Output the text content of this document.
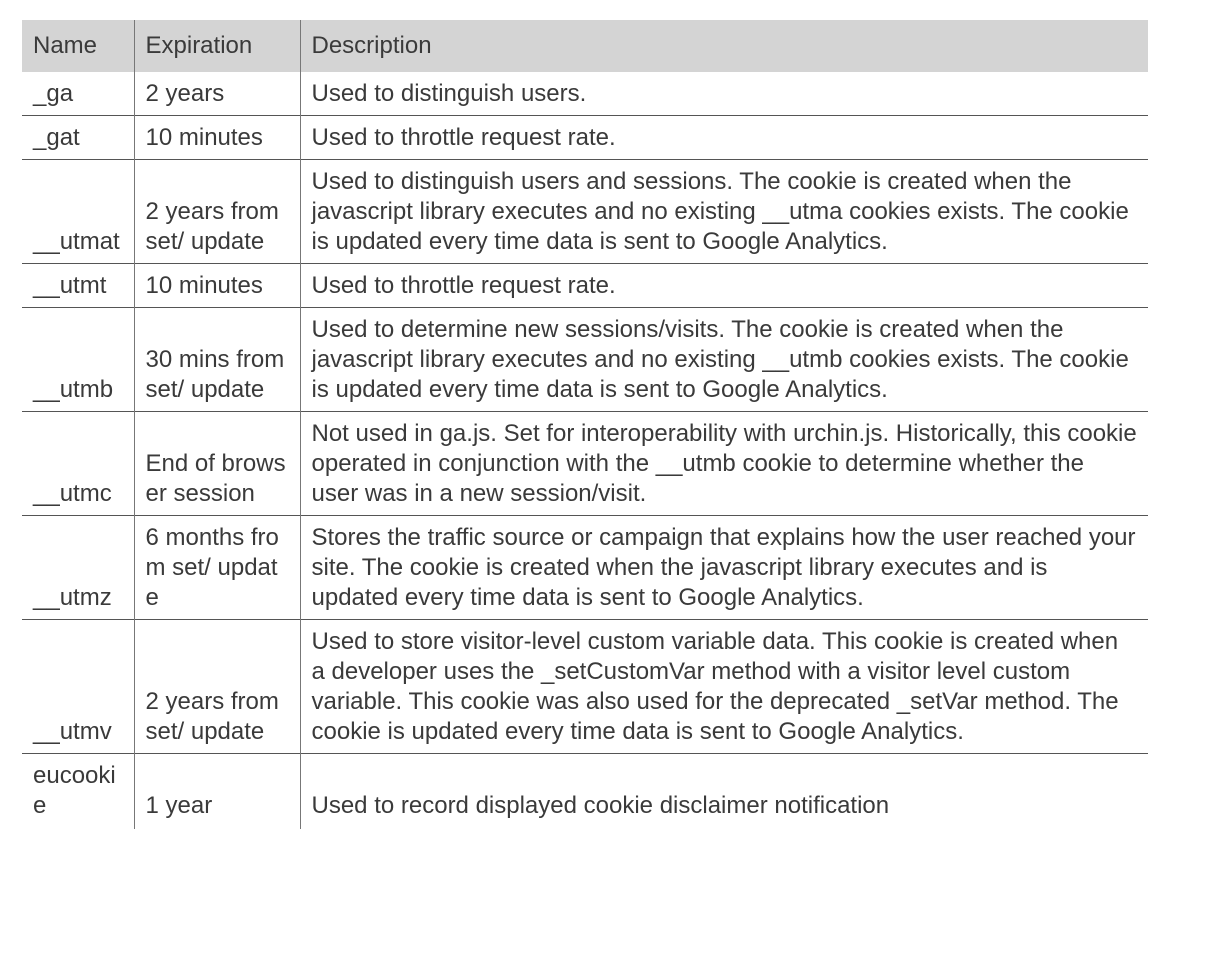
Name	Expiration	Description
_ga	2 years	Used to distinguish users.
_gat	10 minutes	Used to throttle request rate.
__utmat	2 years from set/ update	Used to distinguish users and sessions. The cookie is created when the javascript library executes and no existing __utma cookies exists. The cookie is updated every time data is sent to Google Analytics.
__utmt	10 minutes	Used to throttle request rate.
__utmb	30 mins from set/ update	Used to determine new sessions/visits. The cookie is created when the javascript library executes and no existing __utmb cookies exists. The cookie is updated every time data is sent to Google Analytics.
__utmc	End of browser session	Not used in ga.js. Set for interoperability with urchin.js. Historically, this cookie operated in conjunction with the __utmb cookie to determine whether the user was in a new session/visit.
__utmz	6 months from set/ update	Stores the traffic source or campaign that explains how the user reached your site. The cookie is created when the javascript library executes and is updated every time data is sent to Google Analytics.
__utmv	2 years from set/ update	Used to store visitor-level custom variable data. This cookie is created when a developer uses the _setCustomVar method with a visitor level custom variable. This cookie was also used for the deprecated _setVar method. The cookie is updated every time data is sent to Google Analytics.
eucookie	1 year	Used to record displayed cookie disclaimer notification
